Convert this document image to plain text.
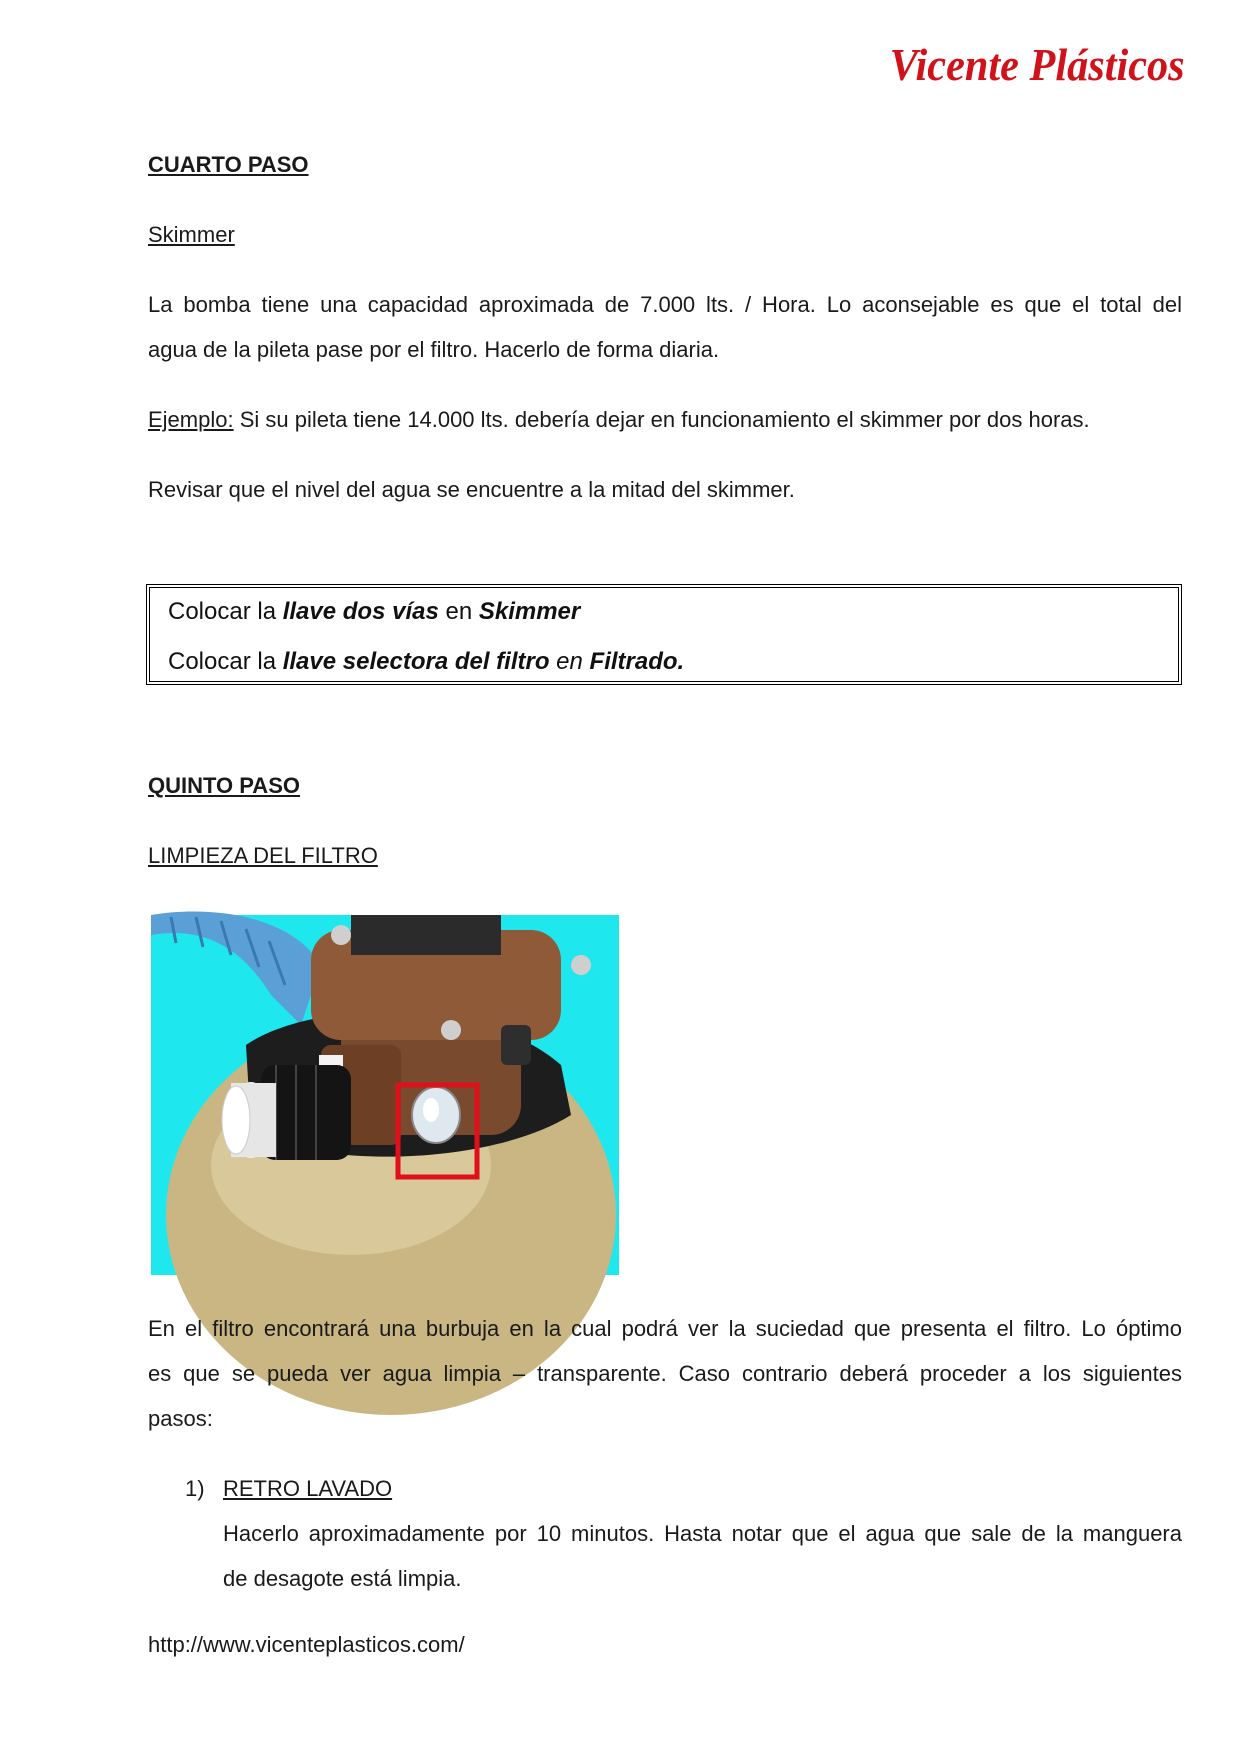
Vicente Plásticos
CUARTO PASO
Skimmer
La bomba tiene una capacidad aproximada de 7.000 lts. / Hora. Lo aconsejable es que el total del
agua de la pileta pase por el filtro. Hacerlo de forma diaria.
Ejemplo: Si su pileta tiene 14.000 lts. debería dejar en funcionamiento el skimmer por dos horas.
Revisar que el nivel del agua se encuentre a la mitad del skimmer.
Colocar la llave dos vías en Skimmer
Colocar la llave selectora del filtro en Filtrado.
QUINTO PASO
LIMPIEZA DEL FILTRO
En el filtro encontrará una burbuja en la cual podrá ver la suciedad que presenta el filtro. Lo óptimo
es que se pueda ver agua limpia – transparente. Caso contrario deberá proceder a los siguientes
pasos:
1) RETRO LAVADO
Hacerlo aproximadamente por 10 minutos. Hasta notar que el agua que sale de la manguera
de desagote está limpia.
http://www.vicenteplasticos.com/
